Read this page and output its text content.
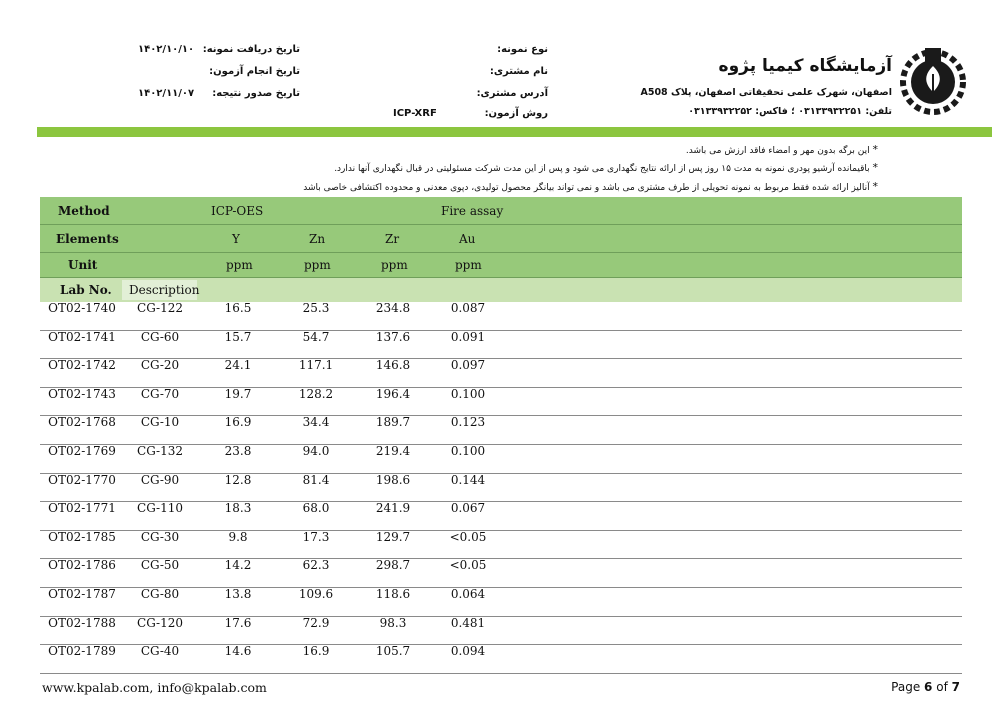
آزمایشگاه کیمیا پژوه
اصفهان، شهرک علمی تحقیقاتی اصفهان، پلاک A508
تلفن: ۰۳۱۳۳۹۳۲۲۵۱ ؛ فاکس: ۰۳۱۳۳۹۳۲۲۵۲
نوع نمونه:
نام مشتری:
آدرس مشتری:
روش آزمون:
ICP-XRF
تاریخ دریافت نمونه:
۱۴۰۲/۱۰/۱۰
تاریخ انجام آزمون:
تاریخ صدور نتیجه:
۱۴۰۲/۱۱/۰۷
* این برگه بدون مهر و امضاء فاقد ارزش می باشد.
* باقیمانده آرشیو پودری نمونه به مدت ۱۵ روز پس از ارائه نتایج نگهداری می شود و پس از این مدت شرکت مسئولیتی در قبال نگهداری آنها ندارد.
* آنالیز ارائه شده فقط مربوط به نمونه تحویلی از طرف مشتری می باشد و نمی تواند بیانگر محصول تولیدی، دپوی معدنی و محدوده اکتشافی خاصی باشد
Method	ICP-OES	Fire assay
Elements	Y	Zn	Zr	Au
Unit	ppm	ppm	ppm	ppm
Lab No. Description
OT02-1740 CG-122	16.5	25.3	234.8	0.087
OT02-1741 CG-60	15.7	54.7	137.6	0.091
OT02-1742 CG-20	24.1	117.1	146.8	0.097
OT02-1743 CG-70	19.7	128.2	196.4	0.100
OT02-1768 CG-10	16.9	34.4	189.7	0.123
OT02-1769 CG-132	23.8	94.0	219.4	0.100
OT02-1770 CG-90	12.8	81.4	198.6	0.144
OT02-1771 CG-110	18.3	68.0	241.9	0.067
OT02-1785 CG-30	9.8	17.3	129.7	<0.05
OT02-1786 CG-50	14.2	62.3	298.7	<0.05
OT02-1787 CG-80	13.8	109.6	118.6	0.064
OT02-1788 CG-120	17.6	72.9	98.3	0.481
OT02-1789 CG-40	14.6	16.9	105.7	0.094
www.kpalab.com, info@kpalab.com	Page 6 of 7
